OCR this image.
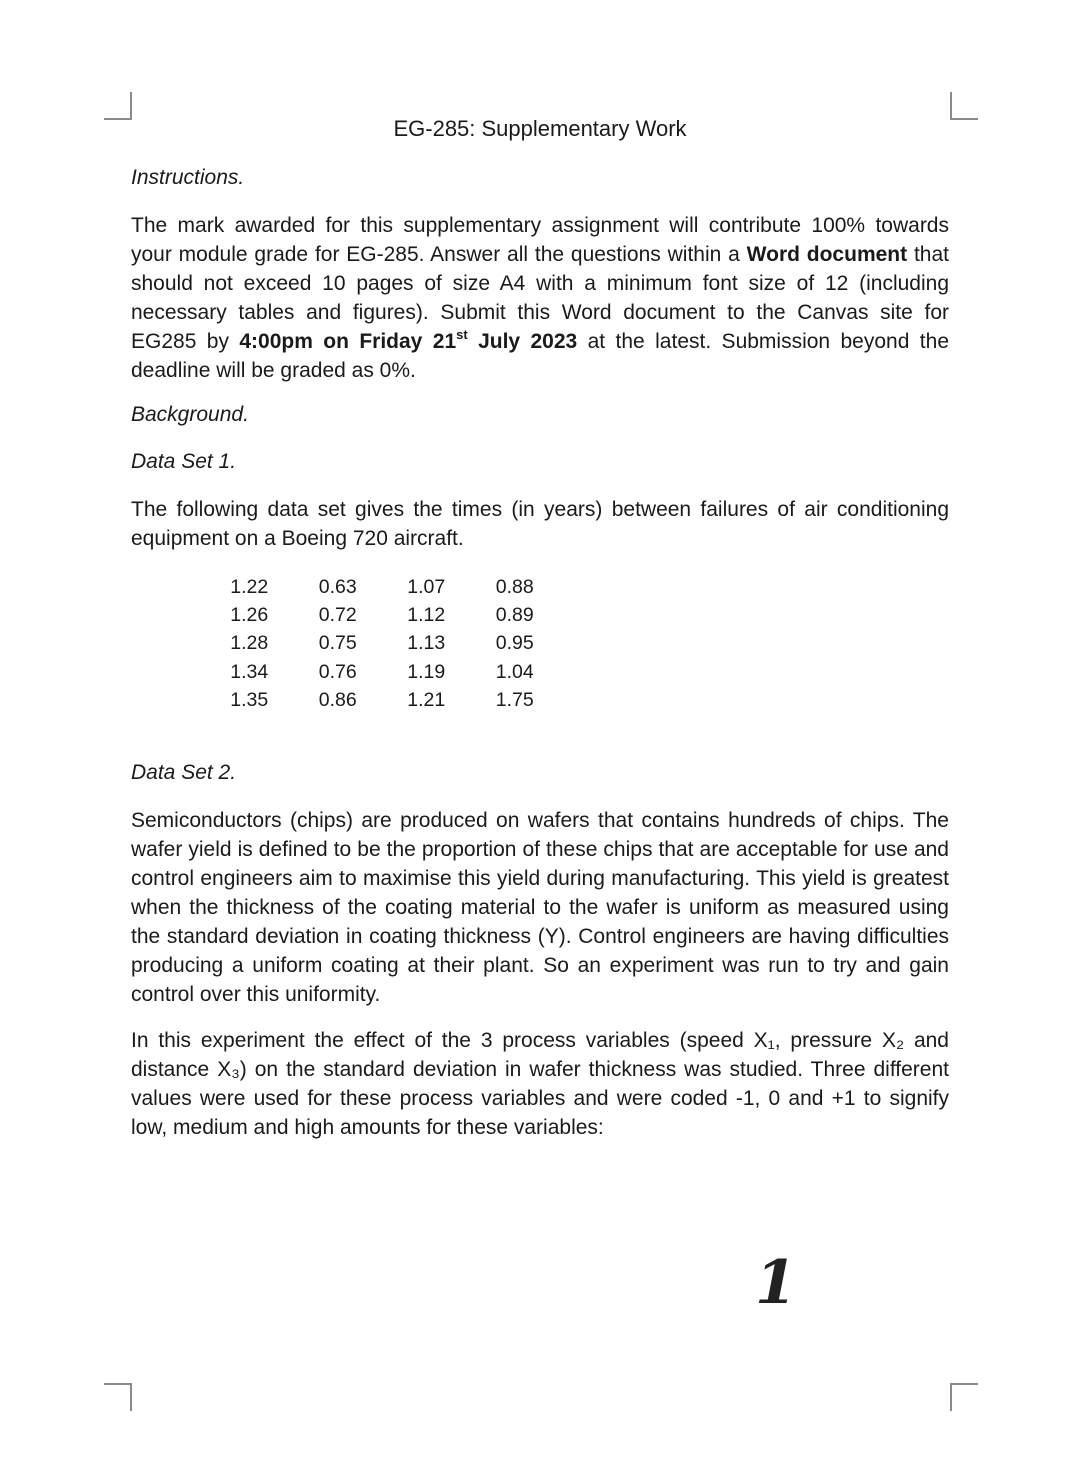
EG-285: Supplementary Work
Instructions.

The mark awarded for this supplementary assignment will contribute 100% towards your module grade for EG-285. Answer all the questions within a Word document that should not exceed 10 pages of size A4 with a minimum font size of 12 (including necessary tables and figures). Submit this Word document to the Canvas site for EG285 by 4:00pm on Friday 21st July 2023 at the latest. Submission beyond the deadline will be graded as 0%.

Background.
Data Set 1.

The following data set gives the times (in years) between failures of air conditioning equipment on a Boeing 720 aircraft.

1.22	0.63	1.07	0.88
1.26	0.72	1.12	0.89
1.28	0.75	1.13	0.95
1.34	0.76	1.19	1.04
1.35	0.86	1.21	1.75
Data Set 2.

Semiconductors (chips) are produced on wafers that contains hundreds of chips. The wafer yield is defined to be the proportion of these chips that are acceptable for use and control engineers aim to maximise this yield during manufacturing. This yield is greatest when the thickness of the coating material to the wafer is uniform as measured using the standard deviation in coating thickness (Y). Control engineers are having difficulties producing a uniform coating at their plant. So an experiment was run to try and gain control over this uniformity.

In this experiment the effect of the 3 process variables (speed X₁, pressure X₂ and distance X₃) on the standard deviation in wafer thickness was studied. Three different values were used for these process variables and were coded -1, 0 and +1 to signify low, medium and high amounts for these variables:

1
